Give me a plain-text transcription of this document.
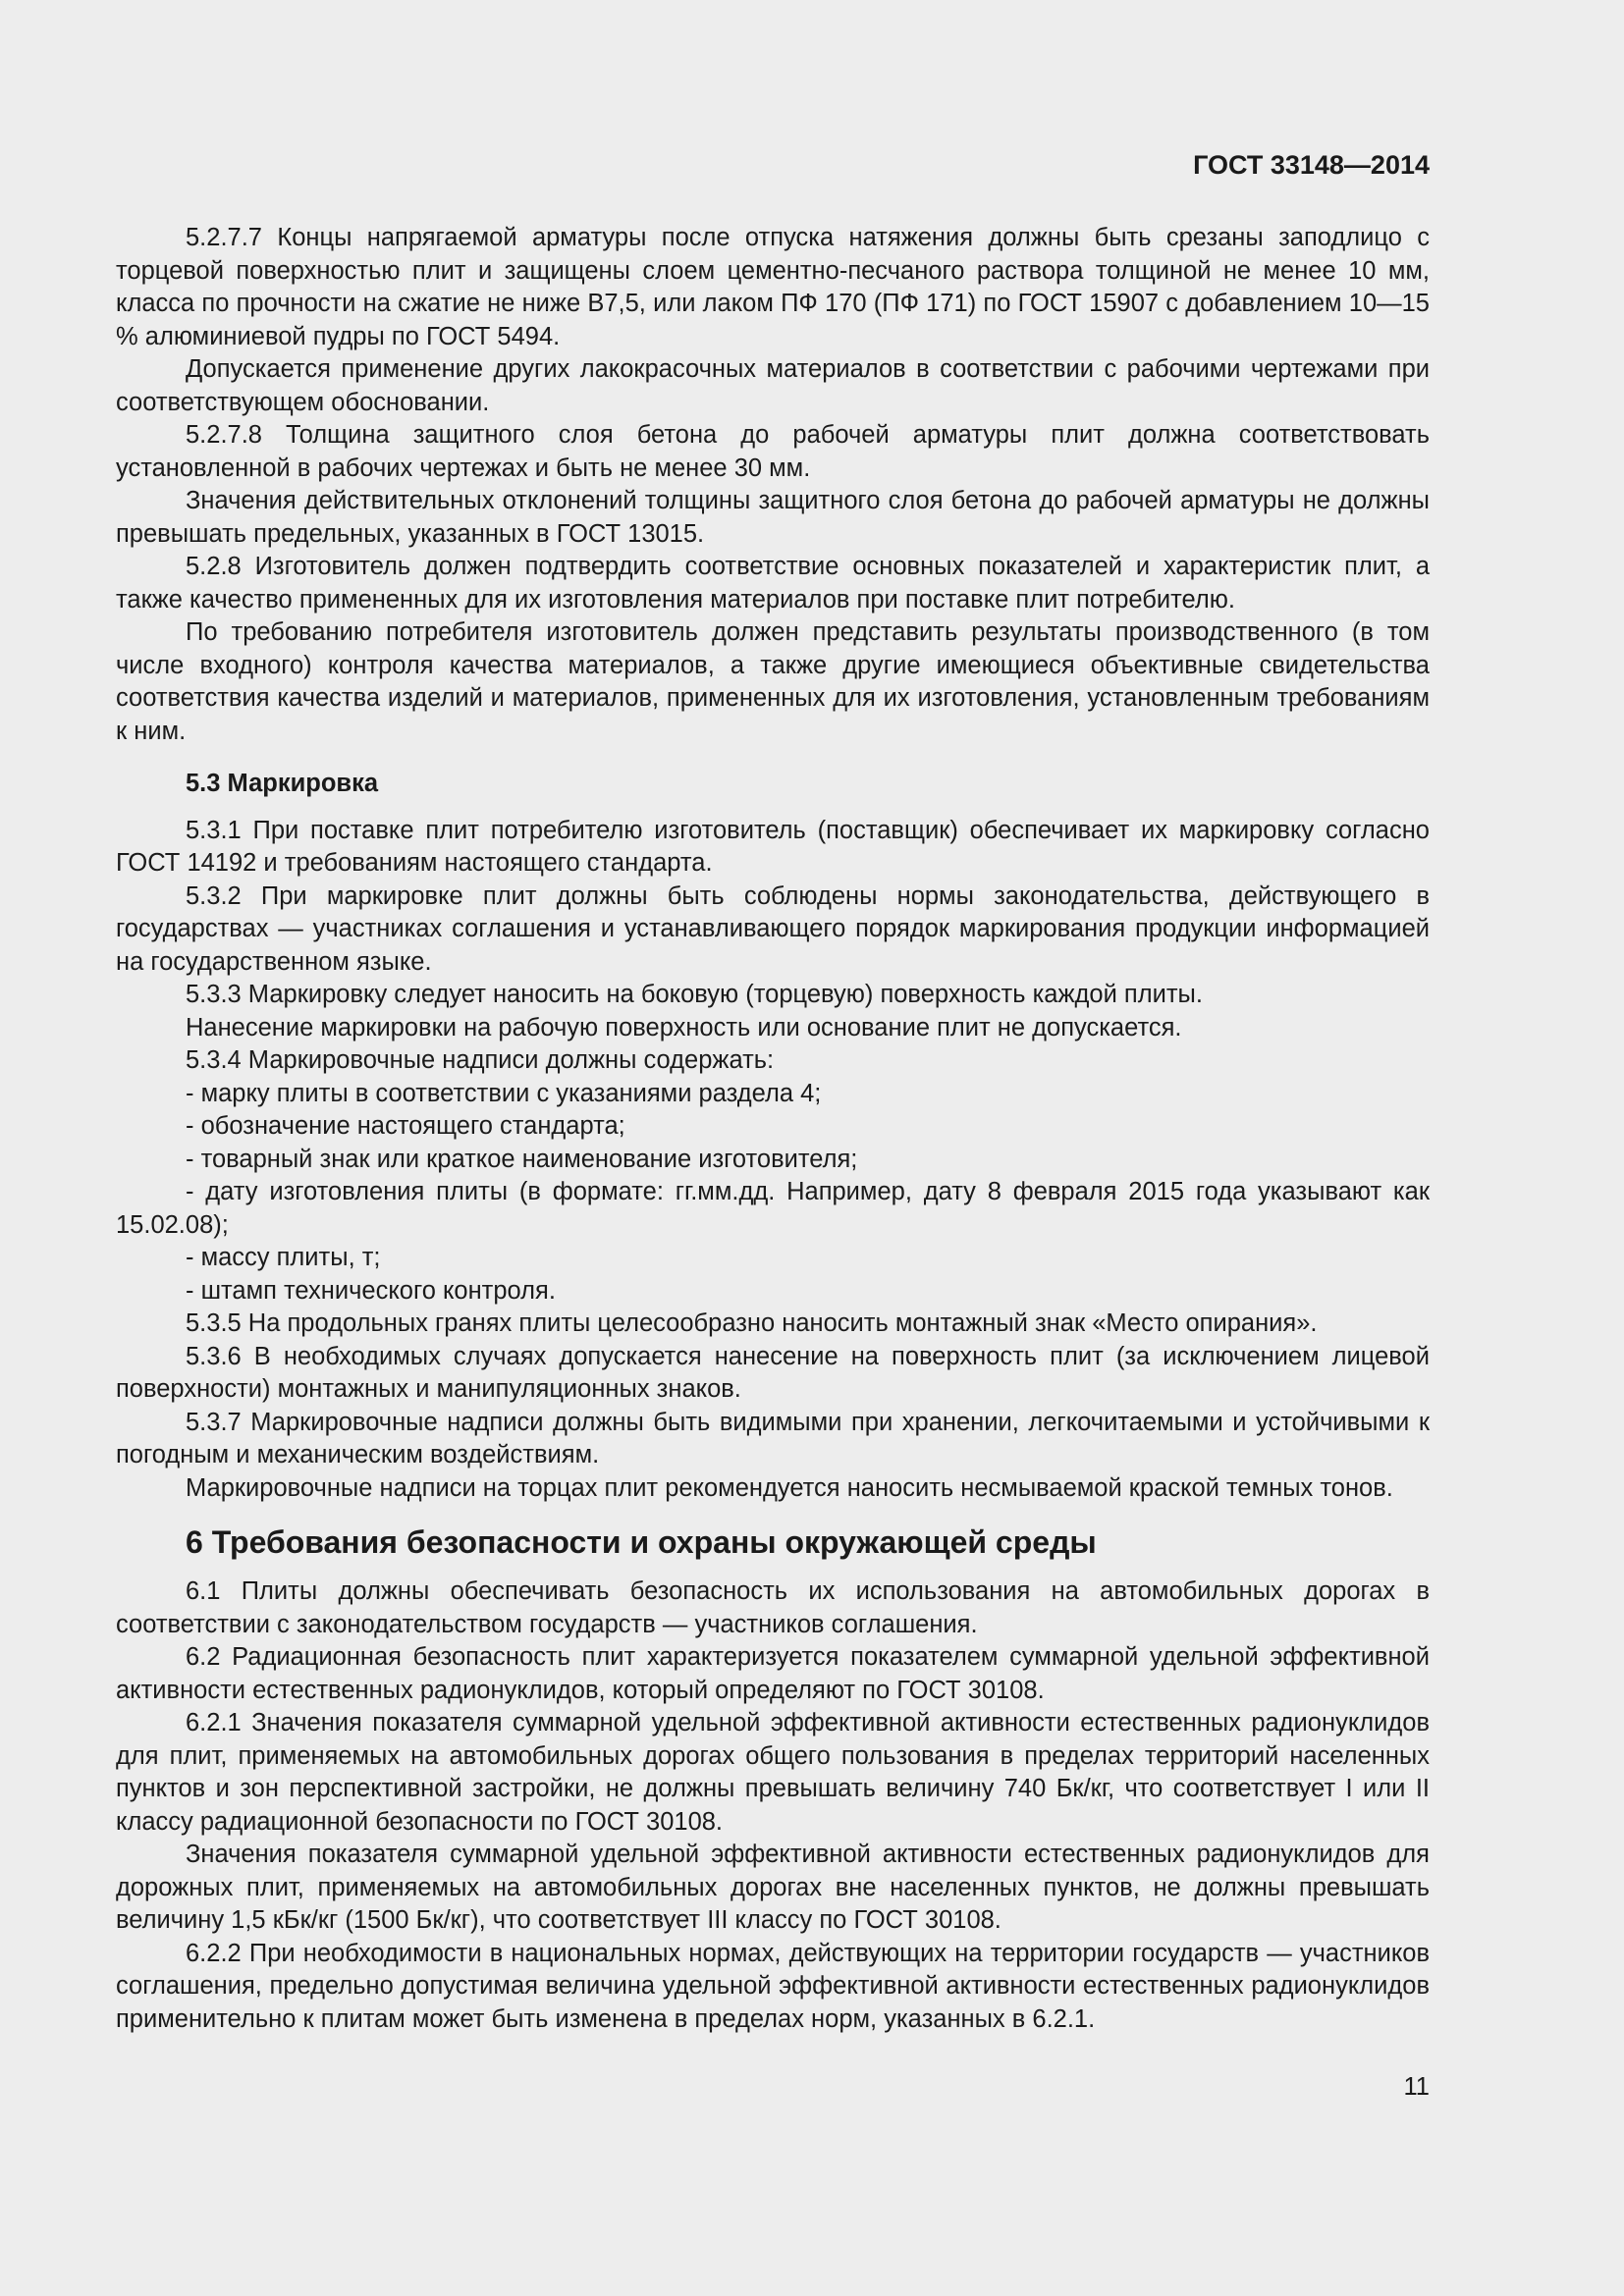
ГОСТ 33148—2014
5.2.7.7 Концы напрягаемой арматуры после отпуска натяжения должны быть срезаны заподлицо с торцевой поверхностью плит и защищены слоем цементно-песчаного раствора толщиной не менее 10 мм, класса по прочности на сжатие не ниже В7,5, или лаком ПФ 170 (ПФ 171) по ГОСТ 15907 с добавлением 10—15 % алюминиевой пудры по ГОСТ 5494.
Допускается применение других лакокрасочных материалов в соответствии с рабочими чертежами при соответствующем обосновании.
5.2.7.8 Толщина защитного слоя бетона до рабочей арматуры плит должна соответствовать установленной в рабочих чертежах и быть не менее 30 мм.
Значения действительных отклонений толщины защитного слоя бетона до рабочей арматуры не должны превышать предельных, указанных в ГОСТ 13015.
5.2.8 Изготовитель должен подтвердить соответствие основных показателей и характеристик плит, а также качество примененных для их изготовления материалов при поставке плит потребителю.
По требованию потребителя изготовитель должен представить результаты производственного (в том числе входного) контроля качества материалов, а также другие имеющиеся объективные свидетельства соответствия качества изделий и материалов, примененных для их изготовления, установленным требованиям к ним.
5.3 Маркировка
5.3.1 При поставке плит потребителю изготовитель (поставщик) обеспечивает их маркировку согласно ГОСТ 14192 и требованиям настоящего стандарта.
5.3.2 При маркировке плит должны быть соблюдены нормы законодательства, действующего в государствах — участниках соглашения и устанавливающего порядок маркирования продукции информацией на государственном языке.
5.3.3 Маркировку следует наносить на боковую (торцевую) поверхность каждой плиты.
Нанесение маркировки на рабочую поверхность или основание плит не допускается.
5.3.4 Маркировочные надписи должны содержать:
- марку плиты в соответствии с указаниями раздела 4;
- обозначение настоящего стандарта;
- товарный знак или краткое наименование изготовителя;
- дату изготовления плиты (в формате: гг.мм.дд. Например, дату 8 февраля 2015 года указывают как 15.02.08);
- массу плиты, т;
- штамп технического контроля.
5.3.5 На продольных гранях плиты целесообразно наносить монтажный знак «Место опирания».
5.3.6 В необходимых случаях допускается нанесение на поверхность плит (за исключением лицевой поверхности) монтажных и манипуляционных знаков.
5.3.7 Маркировочные надписи должны быть видимыми при хранении, легкочитаемыми и устойчивыми к погодным и механическим воздействиям.
Маркировочные надписи на торцах плит рекомендуется наносить несмываемой краской темных тонов.
6 Требования безопасности и охраны окружающей среды
6.1 Плиты должны обеспечивать безопасность их использования на автомобильных дорогах в соответствии с законодательством государств — участников соглашения.
6.2 Радиационная безопасность плит характеризуется показателем суммарной удельной эффективной активности естественных радионуклидов, который определяют по ГОСТ 30108.
6.2.1 Значения показателя суммарной удельной эффективной активности естественных радионуклидов для плит, применяемых на автомобильных дорогах общего пользования в пределах территорий населенных пунктов и зон перспективной застройки, не должны превышать величину 740 Бк/кг, что соответствует I или II классу радиационной безопасности по ГОСТ 30108.
Значения показателя суммарной удельной эффективной активности естественных радионуклидов для дорожных плит, применяемых на автомобильных дорогах вне населенных пунктов, не должны превышать величину 1,5 кБк/кг (1500 Бк/кг), что соответствует III классу по ГОСТ 30108.
6.2.2 При необходимости в национальных нормах, действующих на территории государств — участников соглашения, предельно допустимая величина удельной эффективной активности естественных радионуклидов применительно к плитам может быть изменена в пределах норм, указанных в 6.2.1.
11
